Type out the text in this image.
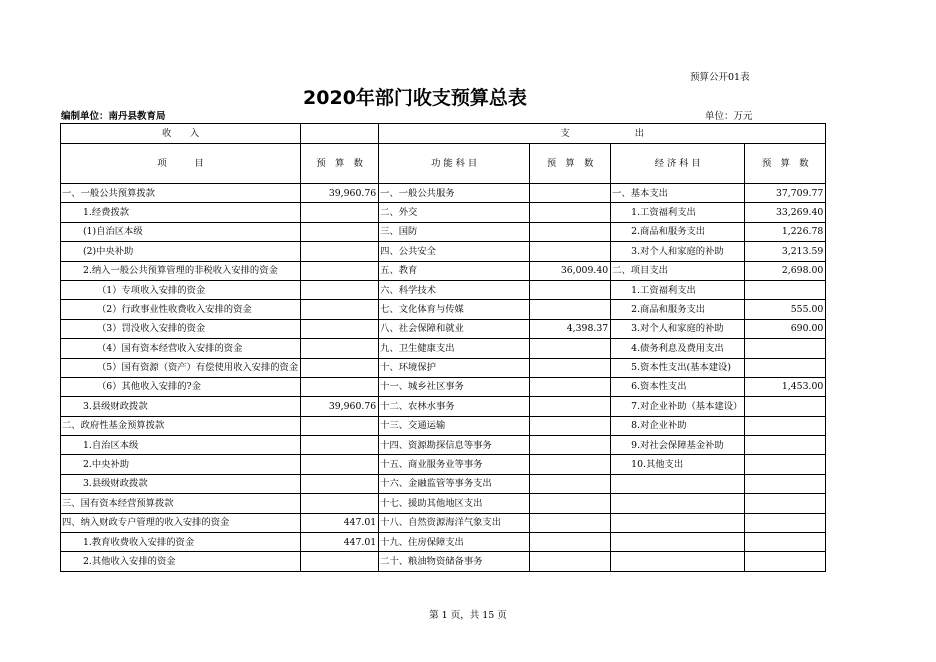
预算公开01表
2020年部门收支预算总表
编制单位：南丹县教育局	单位：万元
收　　入		支　　　　　　　出			
项　　　目	预　算　数	功 能 科 目	预　算　数	经 济 科 目	预　算　数
一、一般公共预算拨款	39,960.76	一、一般公共服务		一、基本支出	37,709.77
1.经费拨款		二、外交		1.工资福利支出	33,269.40
(1)自治区本级		三、国防		2.商品和服务支出	1,226.78
(2)中央补助		四、公共安全		3.对个人和家庭的补助	3,213.59
2.纳入一般公共预算管理的非税收入安排的资金		五、教育	36,009.40	二、项目支出	2,698.00
（1）专项收入安排的资金		六、科学技术		1.工资福利支出	
（2）行政事业性收费收入安排的资金		七、文化体育与传媒		2.商品和服务支出	555.00
（3）罚没收入安排的资金		八、社会保障和就业	4,398.37	3.对个人和家庭的补助	690.00
（4）国有资本经营收入安排的资金		九、卫生健康支出		4.债务利息及费用支出	
（5）国有资源（资产）有偿使用收入安排的资金		十、环境保护		5.资本性支出(基本建设)	
（6）其他收入安排的?金		十一、城乡社区事务		6.资本性支出	1,453.00
3.县级财政拨款	39,960.76	十二、农林水事务		7.对企业补助（基本建设）	
二、政府性基金预算拨款		十三、交通运输		8.对企业补助	
1.自治区本级		十四、资源勘探信息等事务		9.对社会保障基金补助	
2.中央补助		十五、商业服务业等事务		10.其他支出	
3.县级财政拨款		十六、金融监管等事务支出			
三、国有资本经营预算拨款		十七、援助其他地区支出			
四、纳入财政专户管理的收入安排的资金	447.01	十八、自然资源海洋气象支出			
1.教育收费收入安排的资金	447.01	十九、住房保障支出			
2.其他收入安排的资金		二十、粮油物资储备事务			
第 1 页，共 15 页
